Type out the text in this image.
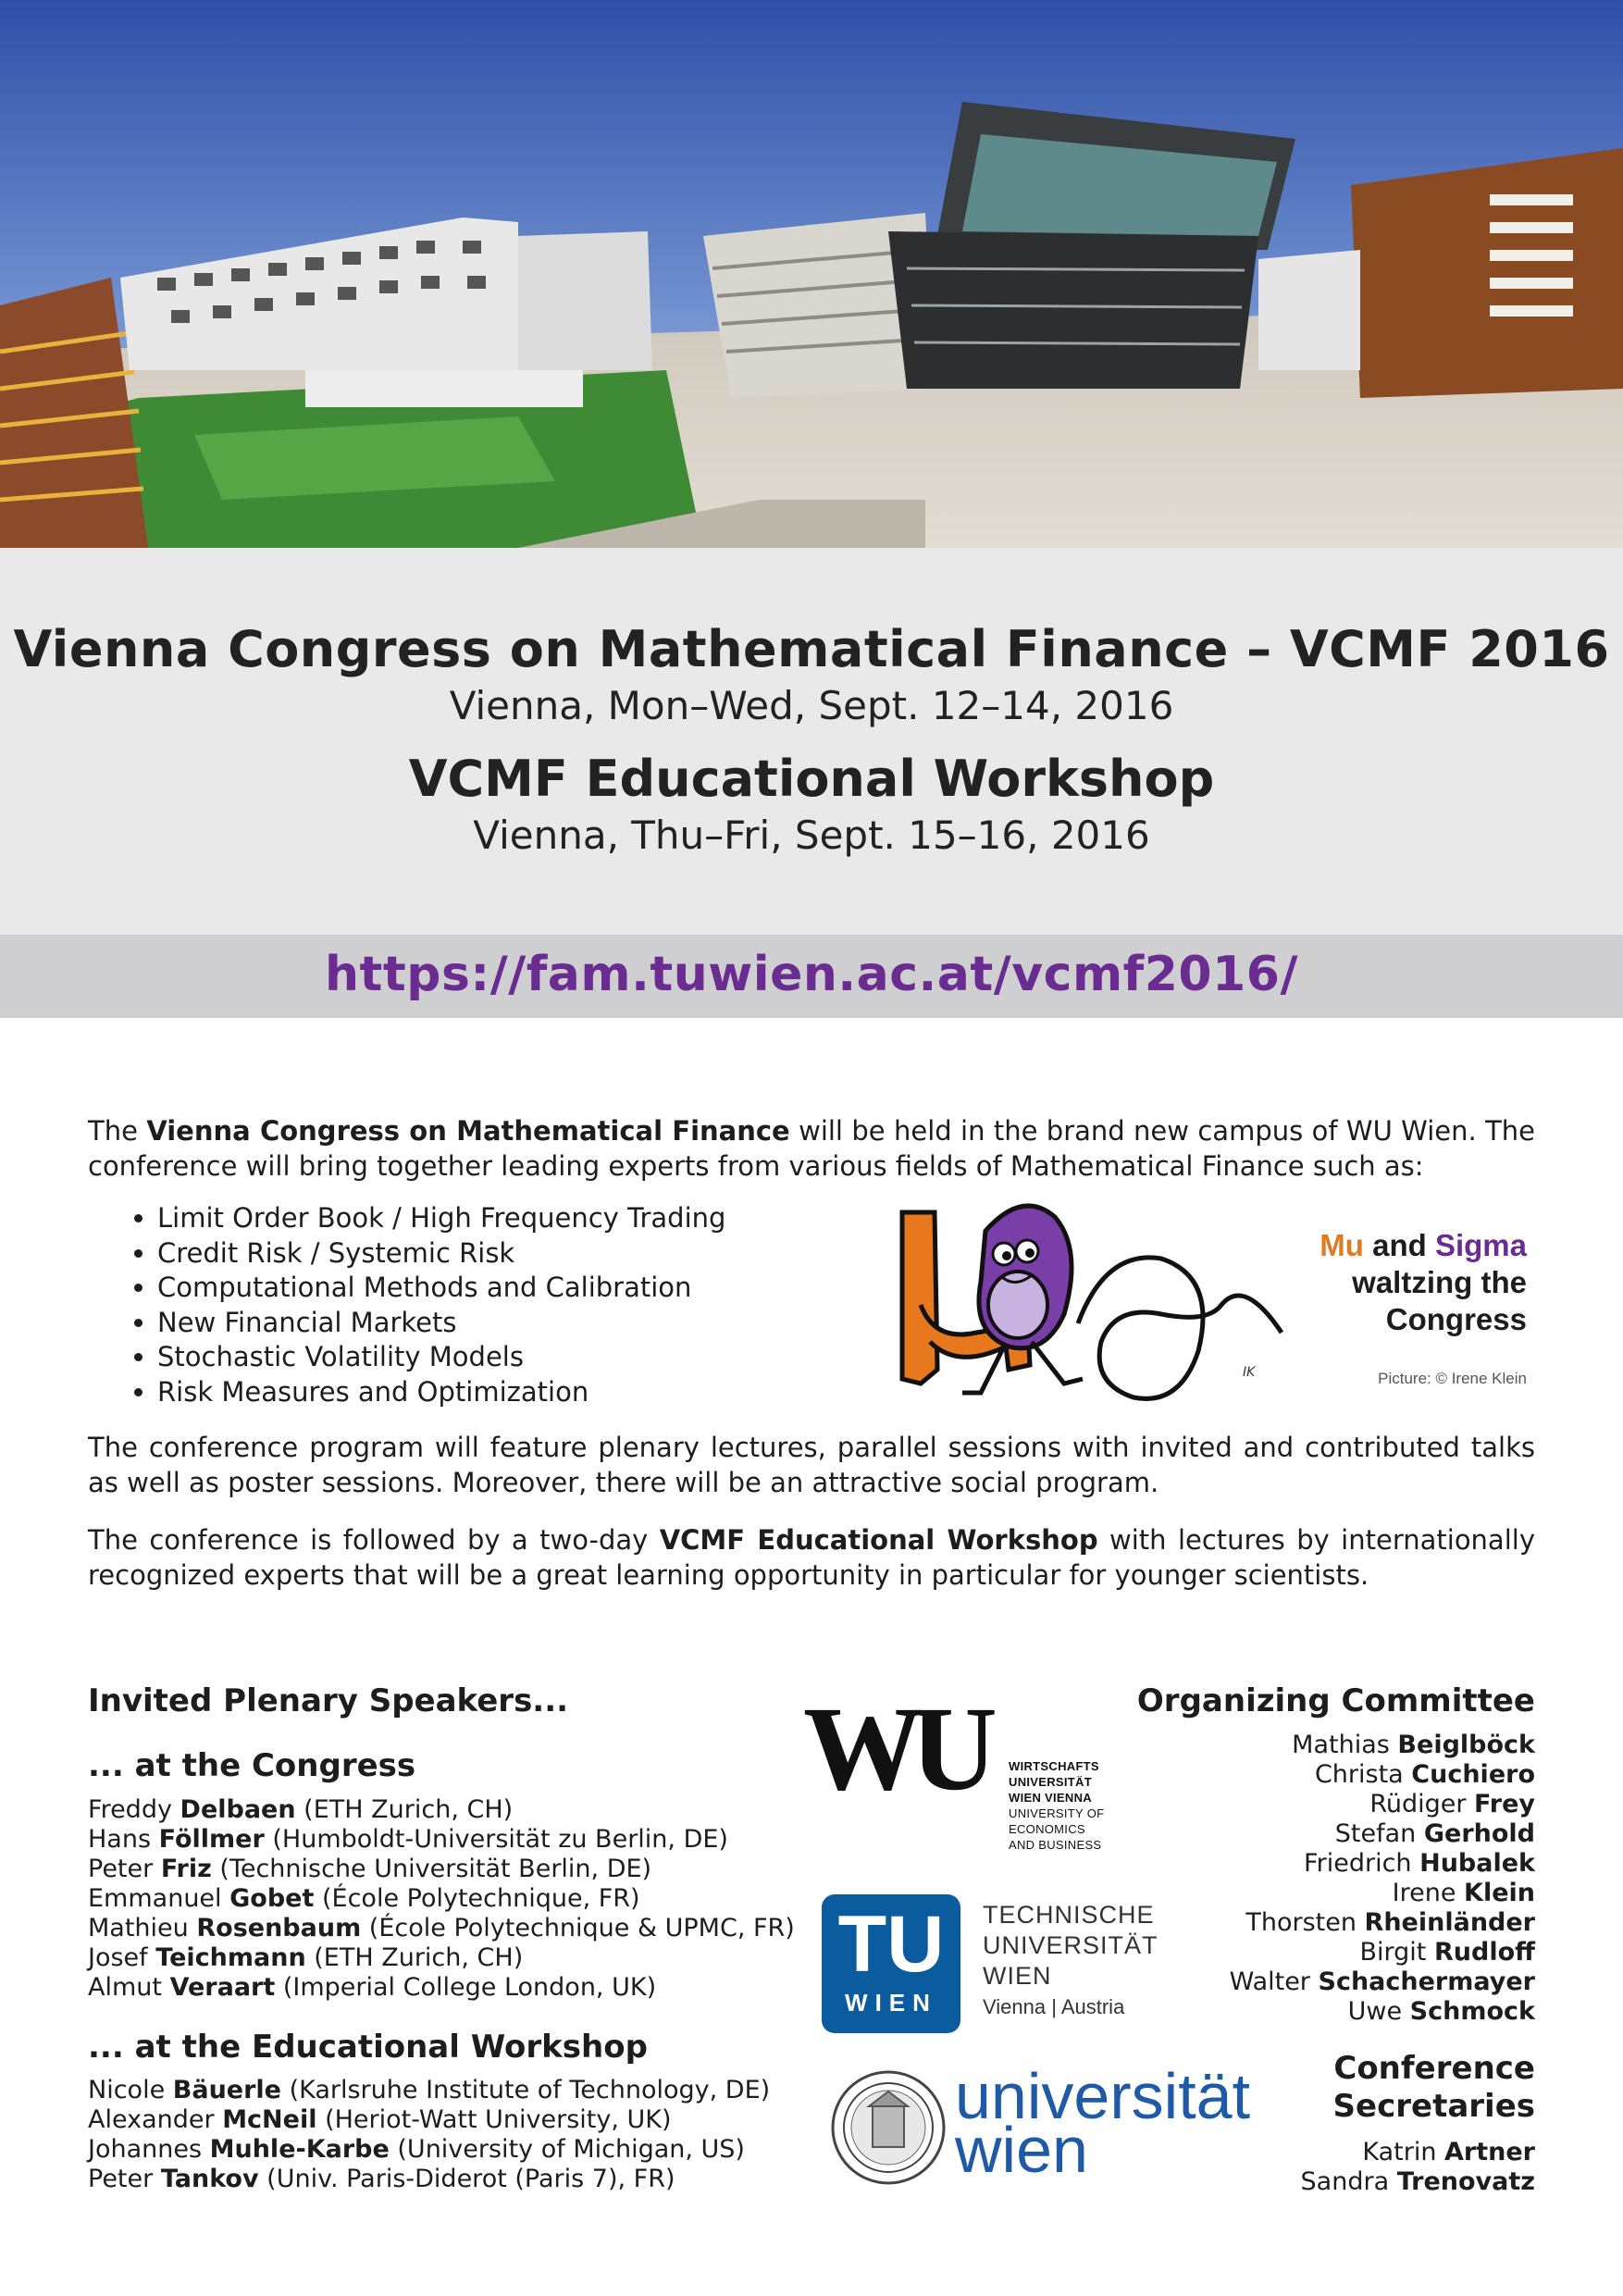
Vienna Congress on Mathematical Finance – VCMF 2016
Vienna, Mon–Wed, Sept. 12–14, 2016
VCMF Educational Workshop
Vienna, Thu–Fri, Sept. 15–16, 2016
https://fam.tuwien.ac.at/vcmf2016/
The Vienna Congress on Mathematical Finance will be held in the brand new campus of WU Wien. The conference will bring together leading experts from various fields of Mathematical Finance such as:
• Limit Order Book / High Frequency Trading
• Credit Risk / Systemic Risk
• Computational Methods and Calibration
• New Financial Markets
• Stochastic Volatility Models
• Risk Measures and Optimization
IK
Mu and Sigma
waltzing the
Congress
Picture: © Irene Klein
The conference program will feature plenary lectures, parallel sessions with invited and contributed talks as well as poster sessions. Moreover, there will be an attractive social program.
The conference is followed by a two-day VCMF Educational Workshop with lectures by internationally recognized experts that will be a great learning opportunity in particular for younger scientists.
Invited Plenary Speakers...
... at the Congress
Freddy Delbaen (ETH Zurich, CH)
Hans Föllmer (Humboldt-Universität zu Berlin, DE)
Peter Friz (Technische Universität Berlin, DE)
Emmanuel Gobet (École Polytechnique, FR)
Mathieu Rosenbaum (École Polytechnique & UPMC, FR)
Josef Teichmann (ETH Zurich, CH)
Almut Veraart (Imperial College London, UK)
... at the Educational Workshop
Nicole Bäuerle (Karlsruhe Institute of Technology, DE)
Alexander McNeil (Heriot-Watt University, UK)
Johannes Muhle-Karbe (University of Michigan, US)
Peter Tankov (Univ. Paris-Diderot (Paris 7), FR)
WU WIRTSCHAFTS
UNIVERSITÄT
WIEN VIENNA
UNIVERSITY OF
ECONOMICS
AND BUSINESS
TU
WIEN
TECHNISCHE
UNIVERSITÄT
WIEN
Vienna | Austria
universität
wien
Organizing Committee
Mathias Beiglböck
Christa Cuchiero
Rüdiger Frey
Stefan Gerhold
Friedrich Hubalek
Irene Klein
Thorsten Rheinländer
Birgit Rudloff
Walter Schachermayer
Uwe Schmock
Conference
Secretaries
Katrin Artner
Sandra Trenovatz
